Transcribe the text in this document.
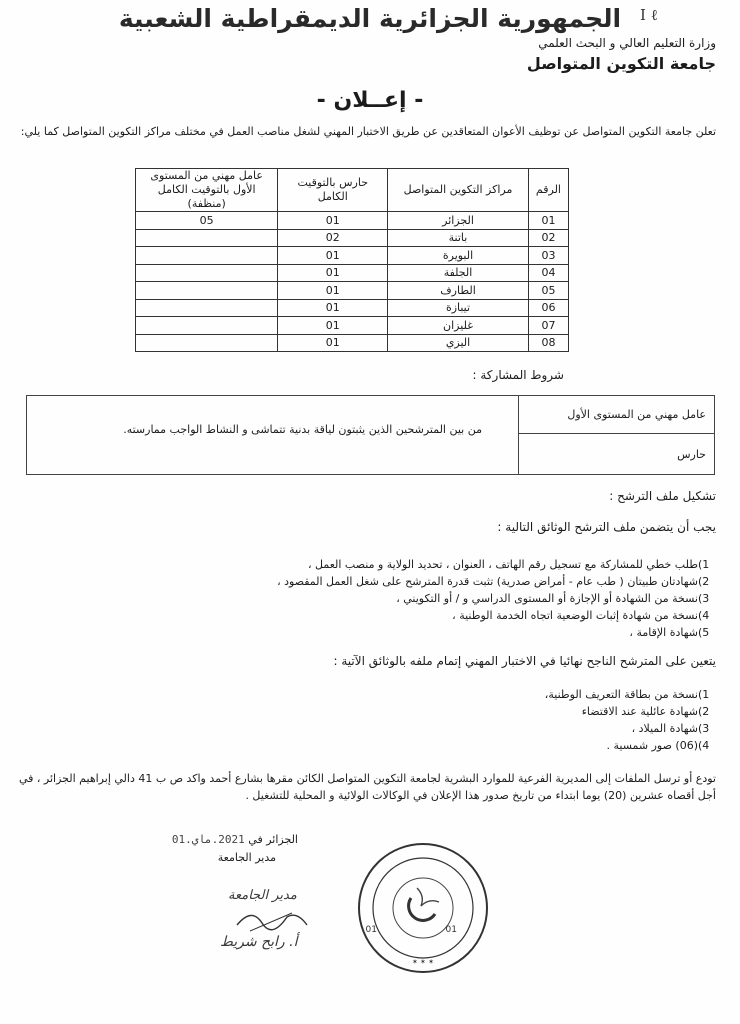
Ⅰ ℓ
الجمهورية الجزائرية الديمقراطية الشعبية
وزارة التعليم العالي و البحث العلمي
جامعة التكوين المتواصل
- إعــلان -
تعلن جامعة التكوين المتواصل عن توظيف الأعوان المتعاقدين عن طريق الاختبار المهني لشغل مناصب العمل في مختلف مراكز التكوين المتواصل كما يلي:
الرقم	مراكز التكوين المتواصل	حارس بالتوقيت الكامل	عامل مهني من المستوى الأول بالتوقيت الكامل (منظفة)
01	الجزائر	01	05
02	باتنة	02	
03	البويرة	01	
04	الجلفة	01	
05	الطارف	01	
06	تيبازة	01	
07	غليزان	01	
08	اليزي	01	
شروط المشاركة :
عامل مهني من المستوى الأول
حارس
من بين المترشحين الذين يثبتون لياقة بدنية تتماشى و النشاط الواجب ممارسته.
تشكيل ملف الترشح :
يجب أن يتضمن ملف الترشح الوثائق التالية :
1)
طلب خطي للمشاركة مع تسجيل رقم الهاتف ، العنوان ، تحديد الولاية و منصب العمل ،
2)
شهادتان طبيتان ( طب عام - أمراض صدرية) تثبت قدرة المترشح على شغل العمل المقصود ،
3)
نسخة من الشهادة أو الإجازة أو المستوى الدراسي و / أو التكويني ،
4)
نسخة من شهادة إثبات الوضعية اتجاه الخدمة الوطنية ،
5)
شهادة الإقامة ،
يتعين على المترشح الناجح نهائيا في الاختبار المهني إتمام ملفه بالوثائق الآتية :
1)
نسخة من بطاقة التعريف الوطنية،
2)
شهادة عائلية عند الاقتضاء
3)
شهادة الميلاد ،
4)
(06) صور شمسية .
تودع أو ترسل الملفات إلى المديرية الفرعية للموارد البشرية لجامعة التكوين المتواصل الكائن مقرها بشارع أحمد واكد ص ب 41 دالي إبراهيم الجزائر ، في أجل أقصاه عشرين (20) يوما ابتداء من تاريخ صدور هذا الإعلان في الوكالات الولائية و المحلية للتشغيل .
الجزائر في 2021.ماي.01
مدير الجامعة
مدير الجامعة
أ. رابح شريط
01	01
✶ ✶ ✶
